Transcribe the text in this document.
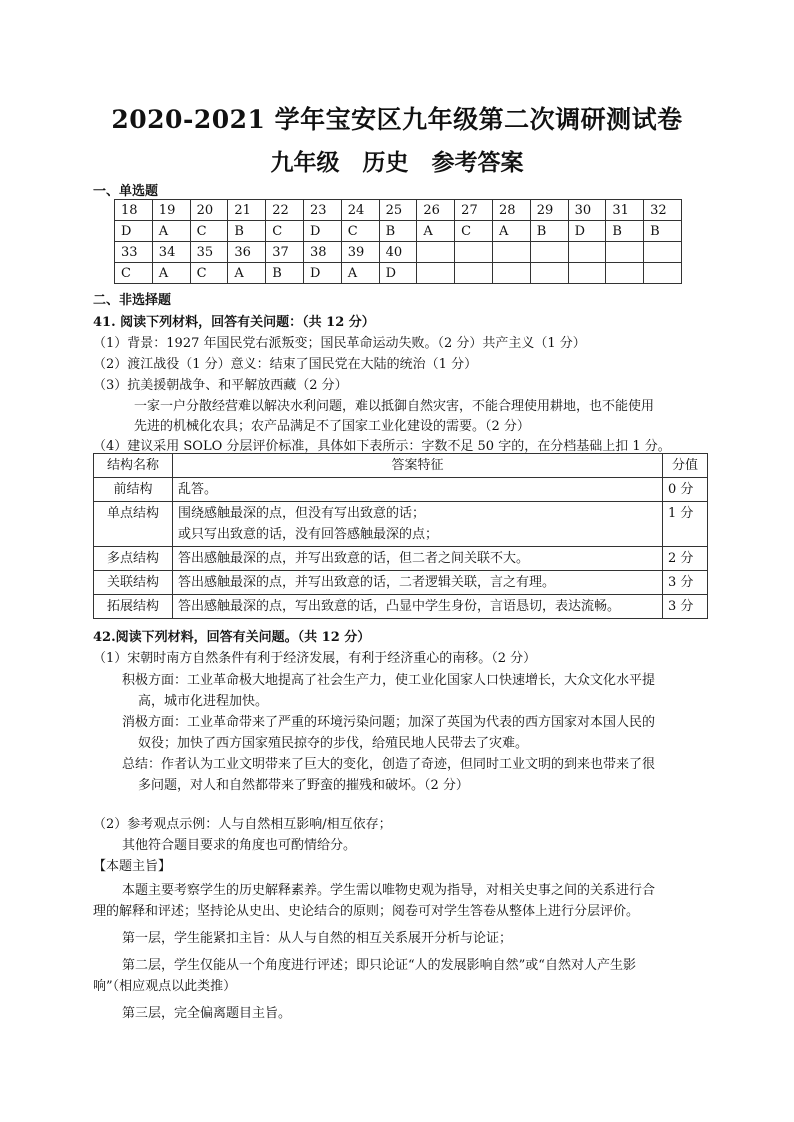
2020-2021 学年宝安区九年级第二次调研测试卷
九年级　历史　参考答案
一、单选题
18	19	20	21	22	23	24	25	26	27	28	29	30	31	32
D	A	C	B	C	D	C	B	A	C	A	B	D	B	B
33	34	35	36	37	38	39	40							
C	A	C	A	B	D	A	D							
二、非选择题
41. 阅读下列材料，回答有关问题：（共 12 分）
（1）背景：1927 年国民党右派叛变；国民革命运动失败。（2 分）共产主义（1 分）
（2）渡江战役（1 分）意义：结束了国民党在大陆的统治（1 分）
（3）抗美援朝战争、和平解放西藏（2 分）
一家一户分散经营难以解决水利问题，难以抵御自然灾害，不能合理使用耕地，也不能使用
先进的机械化农具；农产品满足不了国家工业化建设的需要。（2 分）
（4）建议采用 SOLO 分层评价标准，具体如下表所示：字数不足 50 字的，在分档基础上扣 1 分。
结构名称	答案特征	分值
前结构	乱答。	0 分
单点结构	围绕感触最深的点，但没有写出致意的话；
或只写出致意的话，没有回答感触最深的点；	1 分
多点结构	答出感触最深的点，并写出致意的话，但二者之间关联不大。	2 分
关联结构	答出感触最深的点，并写出致意的话，二者逻辑关联，言之有理。	3 分
拓展结构	答出感触最深的点，写出致意的话，凸显中学生身份，言语恳切，表达流畅。	3 分
42.阅读下列材料，回答有关问题。（共 12 分）
（1）宋朝时南方自然条件有利于经济发展，有利于经济重心的南移。（2 分）
积极方面：工业革命极大地提高了社会生产力，使工业化国家人口快速增长，大众文化水平提
高，城市化进程加快。
消极方面：工业革命带来了严重的环境污染问题；加深了英国为代表的西方国家对本国人民的
奴役；加快了西方国家殖民掠夺的步伐，给殖民地人民带去了灾难。
总结：作者认为工业文明带来了巨大的变化，创造了奇迹，但同时工业文明的到来也带来了很
多问题，对人和自然都带来了野蛮的摧残和破坏。（2 分）
（2）参考观点示例：人与自然相互影响/相互依存；
其他符合题目要求的角度也可酌情给分。
【本题主旨】
本题主要考察学生的历史解释素养。学生需以唯物史观为指导，对相关史事之间的关系进行合
理的解释和评述；坚持论从史出、史论结合的原则；阅卷可对学生答卷从整体上进行分层评价。
第一层，学生能紧扣主旨：从人与自然的相互关系展开分析与论证；
第二层，学生仅能从一个角度进行评述；即只论证“人的发展影响自然”或“自然对人产生影
响”（相应观点以此类推）
第三层，完全偏离题目主旨。
